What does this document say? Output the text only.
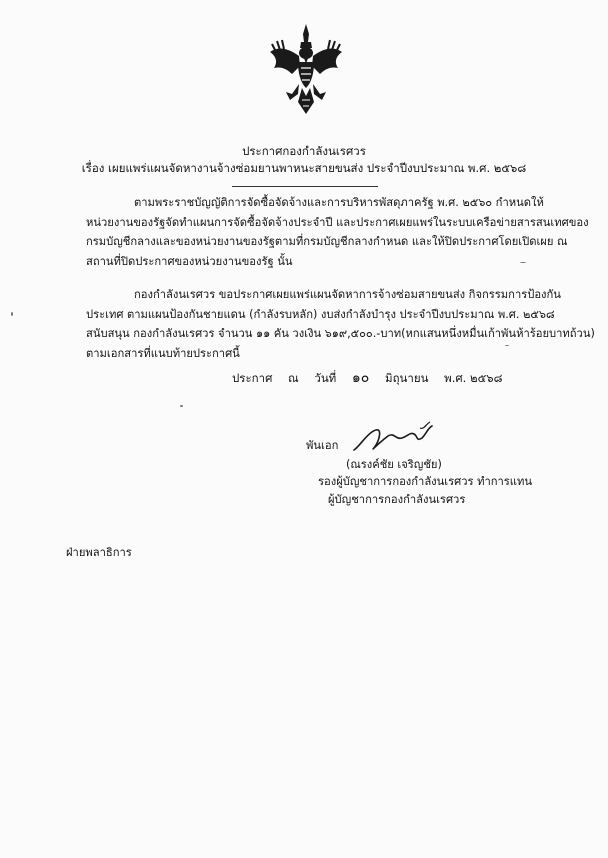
ประกาศกองกำลังนเรศวร
เรื่อง เผยแพร่แผนจัดหางานจ้างซ่อมยานพาหนะสายขนส่ง ประจำปีงบประมาณ พ.ศ. ๒๕๖๘
ตามพระราชบัญญัติการจัดซื้อจัดจ้างและการบริหารพัสดุภาครัฐ พ.ศ. ๒๕๖๐ กำหนดให้
หน่วยงานของรัฐจัดทำแผนการจัดซื้อจัดจ้างประจำปี และประกาศเผยแพร่ในระบบเครือข่ายสารสนเทศของ
กรมบัญชีกลางและของหน่วยงานของรัฐตามที่กรมบัญชีกลางกำหนด และให้ปิดประกาศโดยเปิดเผย ณ
สถานที่ปิดประกาศของหน่วยงานของรัฐ นั้น
กองกำลังนเรศวร ขอประกาศเผยแพร่แผนจัดหาการจ้างซ่อมสายขนส่ง กิจกรรมการป้องกัน
ประเทศ ตามแผนป้องกันชายแดน (กำลังรบหลัก) งบส่งกำลังบำรุง ประจำปีงบประมาณ พ.ศ. ๒๕๖๘
สนับสนุน กองกำลังนเรศวร จำนวน ๑๑ คัน วงเงิน ๖๑๙,๕๐๐.-บาท(หกแสนหนึ่งหมื่นเก้าพันห้าร้อยบาทถ้วน)
ตามเอกสารที่แนบท้ายประกาศนี้
ประกาศ ณ วันที่ ๑๐ มิถุนายน พ.ศ. ๒๕๖๘
พันเอก
(ณรงค์ชัย เจริญชัย)
รองผู้บัญชาการกองกำลังนเรศวร ทำการแทน
ผู้บัญชาการกองกำลังนเรศวร
ฝ่ายพลาธิการ
